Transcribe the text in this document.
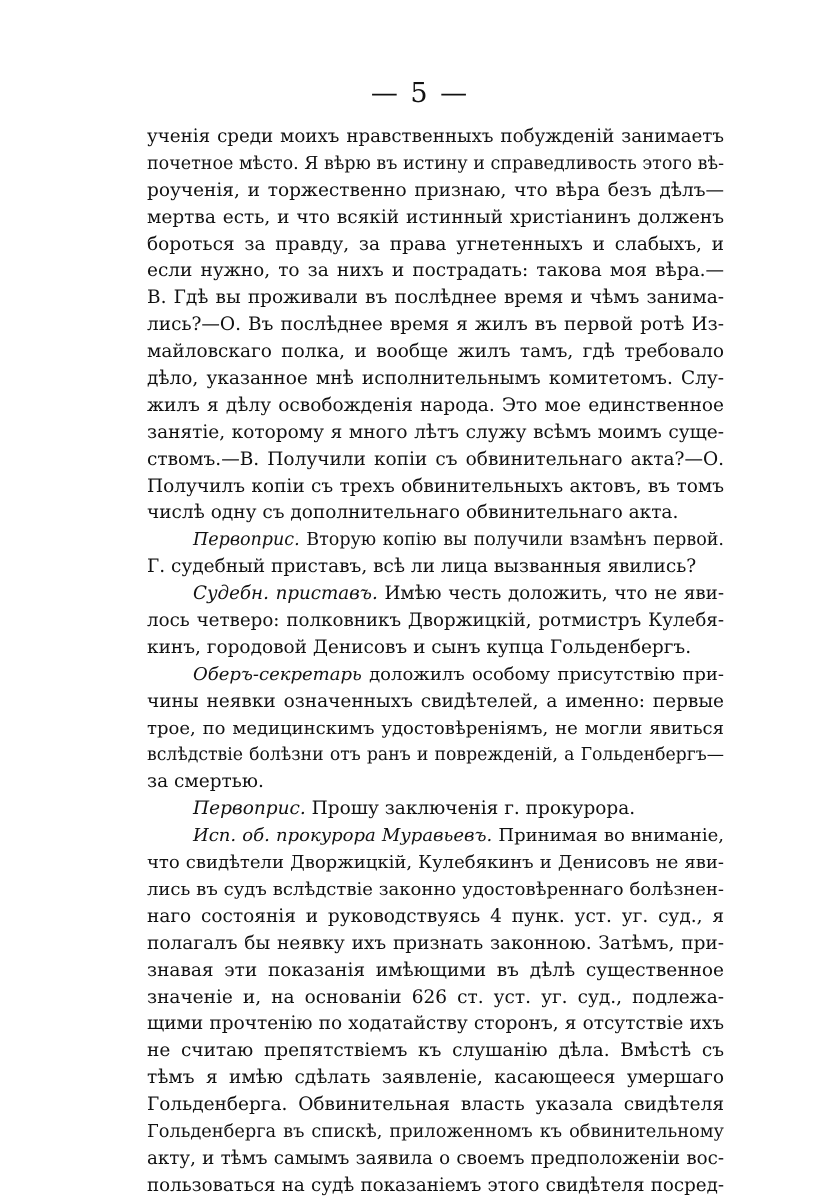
— 5 —
ученія среди моихъ нравственныхъ побужденій занимаетъ
почетное мѣсто. Я вѣрю въ истину и справедливость этого вѣ-
роученія, и торжественно признаю, что вѣра безъ дѣлъ—
мертва есть, и что всякій истинный христіанинъ долженъ
бороться за правду, за права угнетенныхъ и слабыхъ, и
если нужно, то за нихъ и пострадать: такова моя вѣра.—
В. Гдѣ вы проживали въ послѣднее время и чѣмъ занима-
лись?—О. Въ послѣднее время я жилъ въ первой ротѣ Из-
майловскаго полка, и вообще жилъ тамъ, гдѣ требовало
дѣло, указанное мнѣ исполнительнымъ комитетомъ. Слу-
жилъ я дѣлу освобожденія народа. Это мое единственное
занятіе, которому я много лѣтъ служу всѣмъ моимъ суще-
ствомъ.—В. Получили копіи съ обвинительнаго акта?—О.
Получилъ копіи съ трехъ обвинительныхъ актовъ, въ томъ
числѣ одну съ дополнительнаго обвинительнаго акта.
Первоприс. Вторую копію вы получили взамѣнъ первой.
Г. судебный приставъ, всѣ ли лица вызванныя явились?
Судебн. приставъ. Имѣю честь доложить, что не яви-
лось четверо: полковникъ Дворжицкій, ротмистръ Кулебя-
кинъ, городовой Денисовъ и сынъ купца Гольденбергъ.
Оберъ-секретарь доложилъ особому присутствію при-
чины неявки означенныхъ свидѣтелей, а именно: первые
трое, по медицинскимъ удостовѣреніямъ, не могли явиться
вслѣдствіе болѣзни отъ ранъ и поврежденій, а Гольденбергъ—
за смертью.
Первоприс. Прошу заключенія г. прокурора.
Исп. об. прокурора Муравьевъ. Принимая во вниманіе,
что свидѣтели Дворжицкій, Кулебякинъ и Денисовъ не яви-
лись въ судъ вслѣдствіе законно удостовѣреннаго болѣзнен-
наго состоянія и руководствуясь 4 пунк. уст. уг. суд., я
полагалъ бы неявку ихъ признать законною. Затѣмъ, при-
знавая эти показанія имѣющими въ дѣлѣ существенное
значеніе и, на основаніи 626 ст. уст. уг. суд., подлежа-
щими прочтенію по ходатайству сторонъ, я отсутствіе ихъ
не считаю препятствіемъ къ слушанію дѣла. Вмѣстѣ съ
тѣмъ я имѣю сдѣлать заявленіе, касающееся умершаго
Гольденберга. Обвинительная власть указала свидѣтеля
Гольденберга въ спискѣ, приложенномъ къ обвинительному
акту, и тѣмъ самымъ заявила о своемъ предположеніи вос-
пользоваться на судѣ показаніемъ этого свидѣтеля посред-
